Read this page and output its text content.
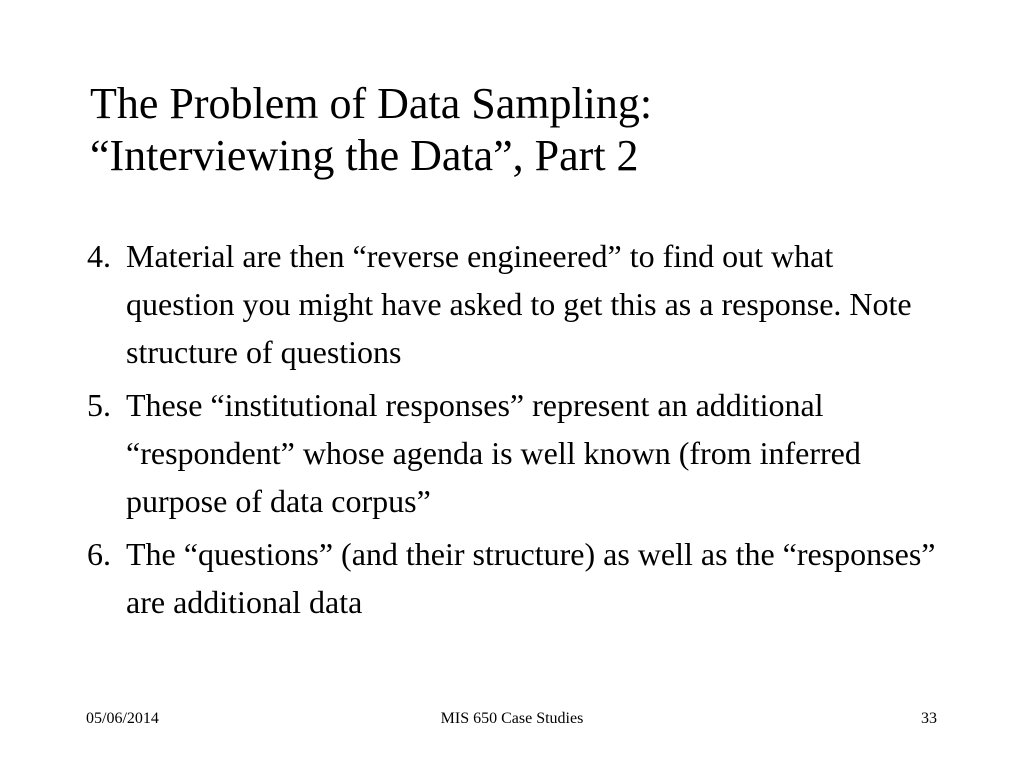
The Problem of Data Sampling:
“Interviewing the Data”, Part 2
4. Material are then “reverse engineered” to find out what question you might have asked to get this as a response. Note structure of questions
5. These “institutional responses” represent an additional “respondent” whose agenda is well known (from inferred purpose of data corpus”
6. The “questions” (and their structure) as well as the “responses” are additional data
MIS 650 Case Studies
05/06/2014	33
